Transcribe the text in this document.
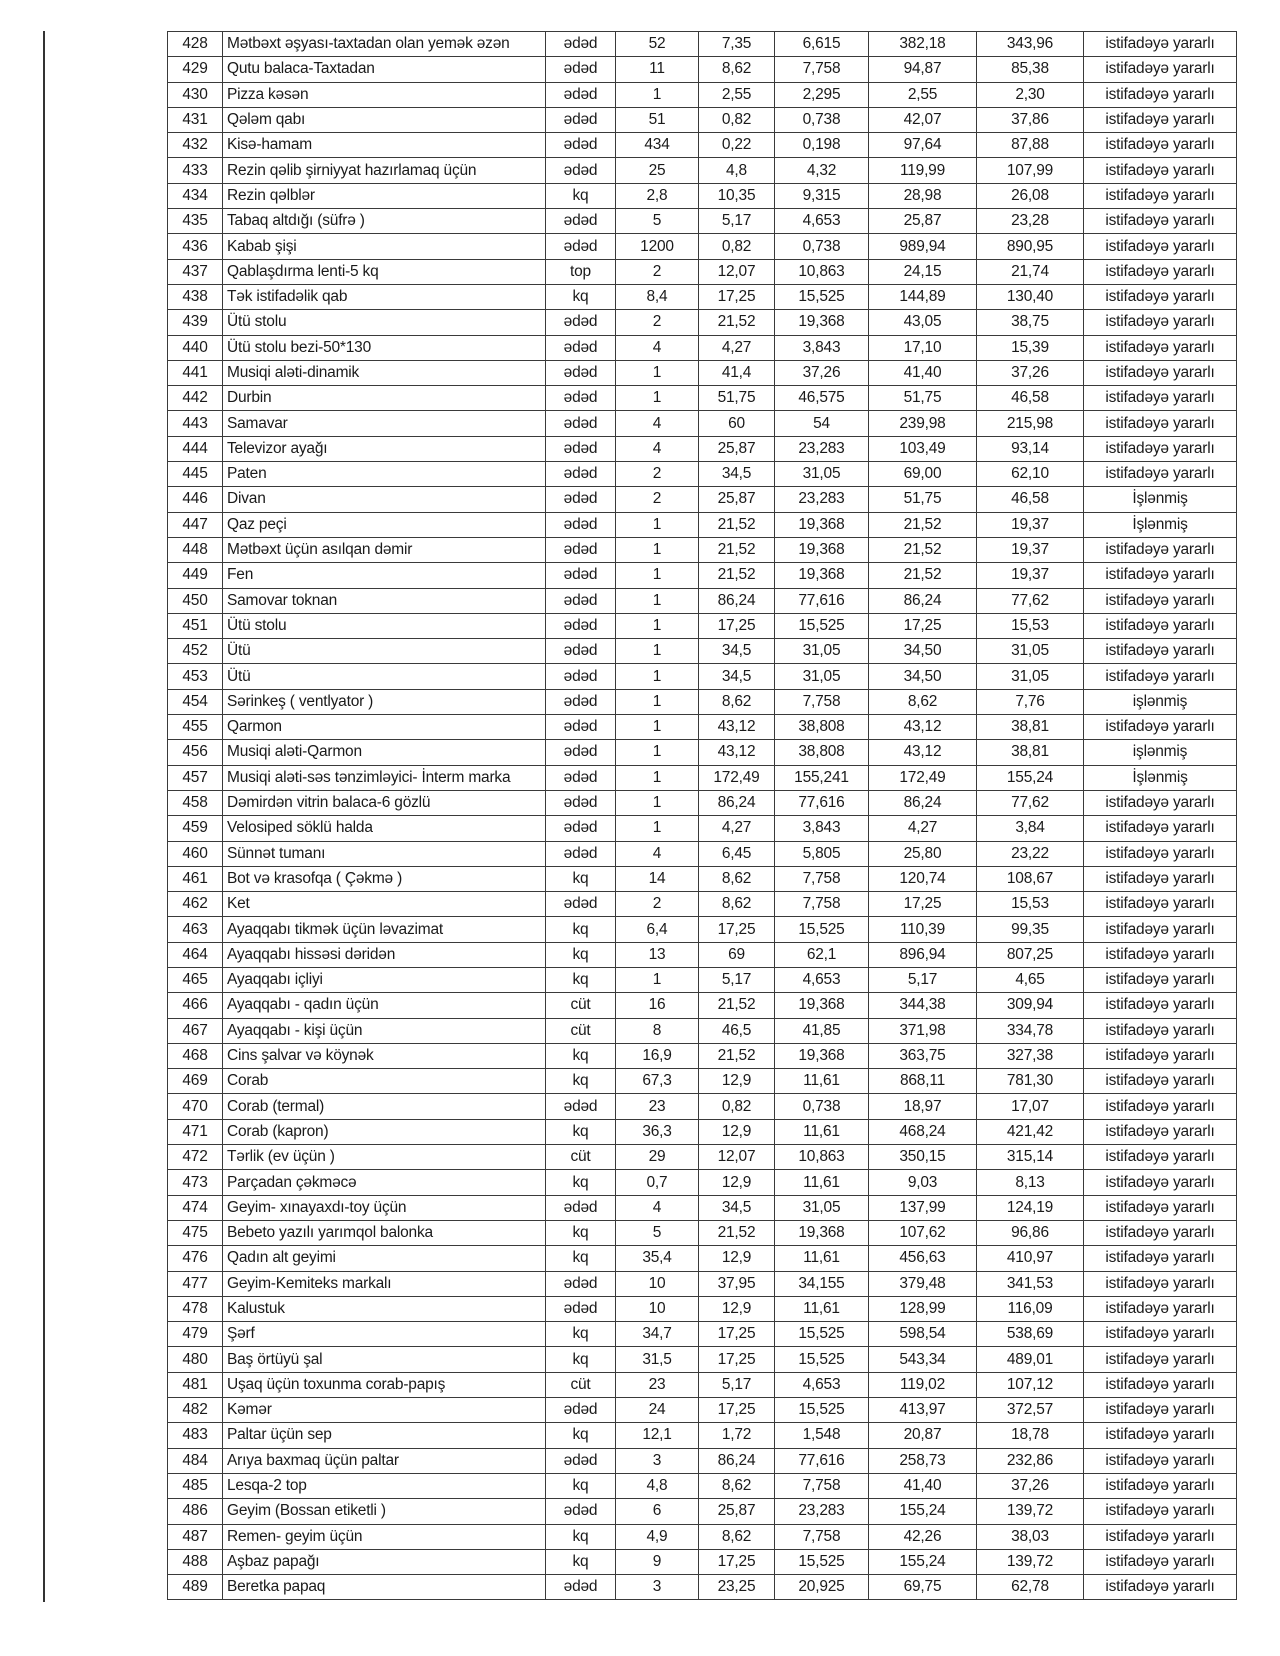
428	Mətbəxt əşyası-taxtadan olan yemək əzən	ədəd	52	7,35	6,615	382,18	343,96	istifadəyə yararlı
429	Qutu balaca-Taxtadan	ədəd	11	8,62	7,758	94,87	85,38	istifadəyə yararlı
430	Pizza kəsən	ədəd	1	2,55	2,295	2,55	2,30	istifadəyə yararlı
431	Qələm qabı	ədəd	51	0,82	0,738	42,07	37,86	istifadəyə yararlı
432	Kisə-hamam	ədəd	434	0,22	0,198	97,64	87,88	istifadəyə yararlı
433	Rezin qəlib şirniyyat hazırlamaq üçün	ədəd	25	4,8	4,32	119,99	107,99	istifadəyə yararlı
434	Rezin qəlblər	kq	2,8	10,35	9,315	28,98	26,08	istifadəyə yararlı
435	Tabaq altdığı (süfrə )	ədəd	5	5,17	4,653	25,87	23,28	istifadəyə yararlı
436	Kabab şişi	ədəd	1200	0,82	0,738	989,94	890,95	istifadəyə yararlı
437	Qablaşdırma lenti-5 kq	top	2	12,07	10,863	24,15	21,74	istifadəyə yararlı
438	Tək istifadəlik qab	kq	8,4	17,25	15,525	144,89	130,40	istifadəyə yararlı
439	Ütü stolu	ədəd	2	21,52	19,368	43,05	38,75	istifadəyə yararlı
440	Ütü stolu bezi-50*130	ədəd	4	4,27	3,843	17,10	15,39	istifadəyə yararlı
441	Musiqi aləti-dinamik	ədəd	1	41,4	37,26	41,40	37,26	istifadəyə yararlı
442	Durbin	ədəd	1	51,75	46,575	51,75	46,58	istifadəyə yararlı
443	Samavar	ədəd	4	60	54	239,98	215,98	istifadəyə yararlı
444	Televizor ayağı	ədəd	4	25,87	23,283	103,49	93,14	istifadəyə yararlı
445	Paten	ədəd	2	34,5	31,05	69,00	62,10	istifadəyə yararlı
446	Divan	ədəd	2	25,87	23,283	51,75	46,58	İşlənmiş
447	Qaz peçi	ədəd	1	21,52	19,368	21,52	19,37	İşlənmiş
448	Mətbəxt üçün asılqan dəmir	ədəd	1	21,52	19,368	21,52	19,37	istifadəyə yararlı
449	Fen	ədəd	1	21,52	19,368	21,52	19,37	istifadəyə yararlı
450	Samovar toknan	ədəd	1	86,24	77,616	86,24	77,62	istifadəyə yararlı
451	Ütü stolu	ədəd	1	17,25	15,525	17,25	15,53	istifadəyə yararlı
452	Ütü	ədəd	1	34,5	31,05	34,50	31,05	istifadəyə yararlı
453	Ütü	ədəd	1	34,5	31,05	34,50	31,05	istifadəyə yararlı
454	Sərinkeş ( ventlyator )	ədəd	1	8,62	7,758	8,62	7,76	işlənmiş
455	Qarmon	ədəd	1	43,12	38,808	43,12	38,81	istifadəyə yararlı
456	Musiqi aləti-Qarmon	ədəd	1	43,12	38,808	43,12	38,81	işlənmiş
457	Musiqi aləti-səs tənzimləyici- İnterm marka	ədəd	1	172,49	155,241	172,49	155,24	İşlənmiş
458	Dəmirdən vitrin balaca-6 gözlü	ədəd	1	86,24	77,616	86,24	77,62	istifadəyə yararlı
459	Velosiped söklü halda	ədəd	1	4,27	3,843	4,27	3,84	istifadəyə yararlı
460	Sünnət tumanı	ədəd	4	6,45	5,805	25,80	23,22	istifadəyə yararlı
461	Bot və krasofqa ( Çəkmə )	kq	14	8,62	7,758	120,74	108,67	istifadəyə yararlı
462	Ket	ədəd	2	8,62	7,758	17,25	15,53	istifadəyə yararlı
463	Ayaqqabı tikmək üçün ləvazimat	kq	6,4	17,25	15,525	110,39	99,35	istifadəyə yararlı
464	Ayaqqabı hissəsi dəridən	kq	13	69	62,1	896,94	807,25	istifadəyə yararlı
465	Ayaqqabı içliyi	kq	1	5,17	4,653	5,17	4,65	istifadəyə yararlı
466	Ayaqqabı - qadın üçün	cüt	16	21,52	19,368	344,38	309,94	istifadəyə yararlı
467	Ayaqqabı - kişi üçün	cüt	8	46,5	41,85	371,98	334,78	istifadəyə yararlı
468	Cins şalvar və köynək	kq	16,9	21,52	19,368	363,75	327,38	istifadəyə yararlı
469	Corab	kq	67,3	12,9	11,61	868,11	781,30	istifadəyə yararlı
470	Corab (termal)	ədəd	23	0,82	0,738	18,97	17,07	istifadəyə yararlı
471	Corab (kapron)	kq	36,3	12,9	11,61	468,24	421,42	istifadəyə yararlı
472	Tərlik (ev üçün )	cüt	29	12,07	10,863	350,15	315,14	istifadəyə yararlı
473	Parçadan çəkməcə	kq	0,7	12,9	11,61	9,03	8,13	istifadəyə yararlı
474	Geyim- xınayaxdı-toy üçün	ədəd	4	34,5	31,05	137,99	124,19	istifadəyə yararlı
475	Bebeto yazılı yarımqol balonka	kq	5	21,52	19,368	107,62	96,86	istifadəyə yararlı
476	Qadın alt geyimi	kq	35,4	12,9	11,61	456,63	410,97	istifadəyə yararlı
477	Geyim-Kemiteks markalı	ədəd	10	37,95	34,155	379,48	341,53	istifadəyə yararlı
478	Kalustuk	ədəd	10	12,9	11,61	128,99	116,09	istifadəyə yararlı
479	Şərf	kq	34,7	17,25	15,525	598,54	538,69	istifadəyə yararlı
480	Baş örtüyü şal	kq	31,5	17,25	15,525	543,34	489,01	istifadəyə yararlı
481	Uşaq üçün toxunma corab-papış	cüt	23	5,17	4,653	119,02	107,12	istifadəyə yararlı
482	Kəmər	ədəd	24	17,25	15,525	413,97	372,57	istifadəyə yararlı
483	Paltar üçün sep	kq	12,1	1,72	1,548	20,87	18,78	istifadəyə yararlı
484	Arıya baxmaq üçün paltar	ədəd	3	86,24	77,616	258,73	232,86	istifadəyə yararlı
485	Lesqa-2 top	kq	4,8	8,62	7,758	41,40	37,26	istifadəyə yararlı
486	Geyim (Bossan etiketli )	ədəd	6	25,87	23,283	155,24	139,72	istifadəyə yararlı
487	Remen- geyim üçün	kq	4,9	8,62	7,758	42,26	38,03	istifadəyə yararlı
488	Aşbaz papağı	kq	9	17,25	15,525	155,24	139,72	istifadəyə yararlı
489	Beretka papaq	ədəd	3	23,25	20,925	69,75	62,78	istifadəyə yararlı
